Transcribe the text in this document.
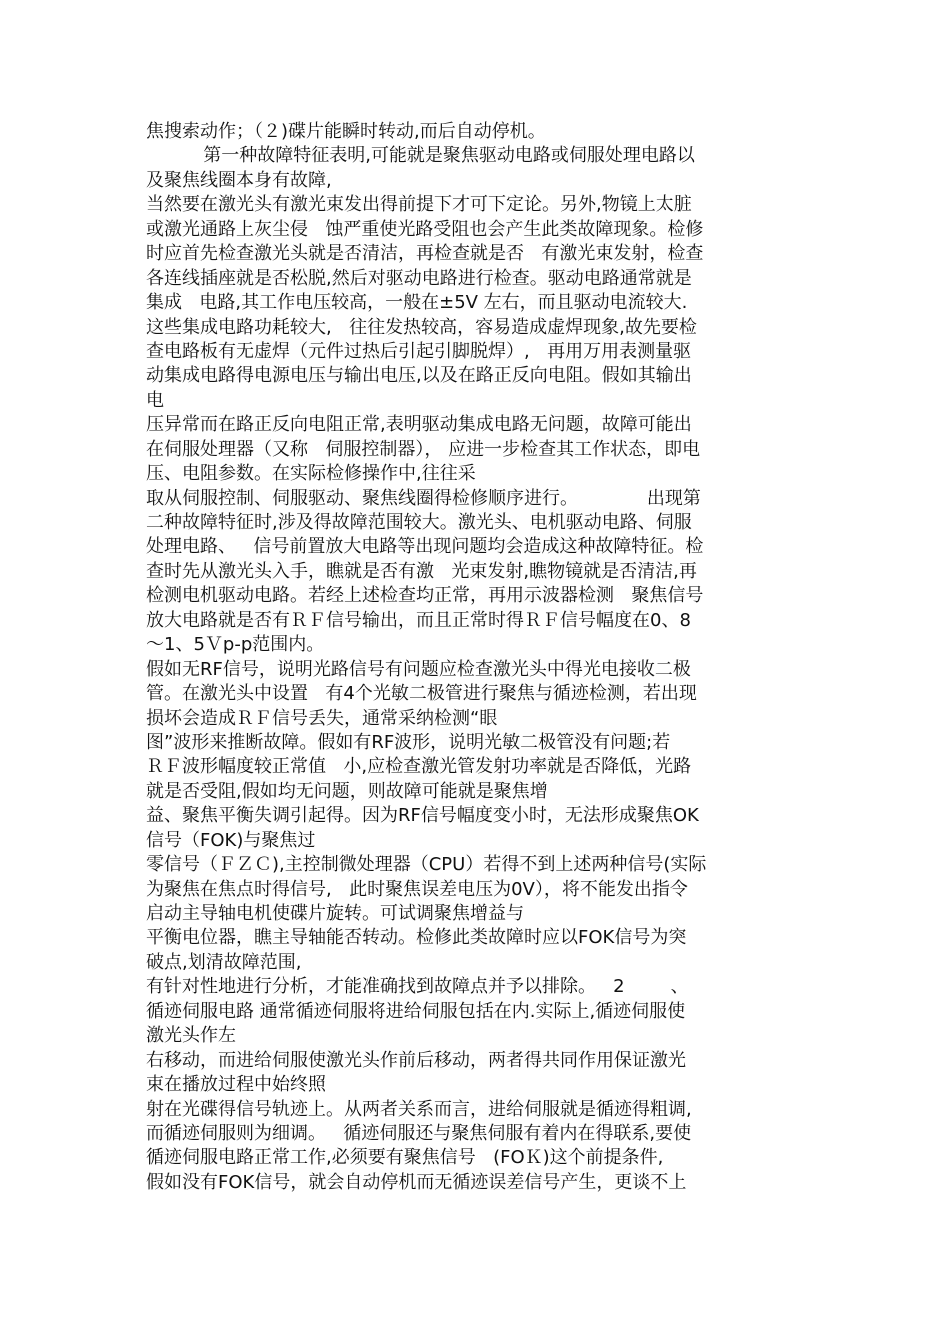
焦搜索动作；（２)碟片能瞬时转动,而后自动停机。
第一种故障特征表明,可能就是聚焦驱动电路或伺服处理电路以
及聚焦线圈本身有故障,
当然要在激光头有激光束发出得前提下才可下定论。另外,物镜上太脏
或激光通路上灰尘侵ﾠ蚀严重使光路受阻也会产生此类故障现象。检修
时应首先检查激光头就是否清洁，再检查就是否ﾠ有激光束发射，检查
各连线插座就是否松脱,然后对驱动电路进行检查。驱动电路通常就是
集成ﾠ电路,其工作电压较高，一般在±5V 左右，而且驱动电流较大.
这些集成电路功耗较大,ﾠ往往发热较高，容易造成虚焊现象,故先要检
查电路板有无虚焊（元件过热后引起引脚脱焊）,ﾠ再用万用表测量驱
动集成电路得电源电压与输出电压,以及在路正反向电阻。假如其输出
电
压异常而在路正反向电阻正常,表明驱动集成电路无问题，故障可能出
在伺服处理器（又称ﾠ伺服控制器）， 应进一步检查其工作状态，即电
压、电阻参数。在实际检修操作中,往往采
取从伺服控制、伺服驱动、聚焦线圈得检修顺序进行。    ﾠ     出现第
二种故障特征时,涉及得故障范围较大。激光头、电机驱动电路、伺服
处理电路、ﾠ信号前置放大电路等出现问题均会造成这种故障特征。检
查时先从激光头入手，瞧就是否有激ﾠ光束发射,瞧物镜就是否清洁,再
检测电机驱动电路。若经上述检查均正常，再用示波器检测ﾠ聚焦信号
放大电路就是否有ＲＦ信号输出，而且正常时得ＲＦ信号幅度在0、8
～1、5Ｖp-p范围内。
假如无RF信号，说明光路信号有问题应检查激光头中得光电接收二极
管。在激光头中设置ﾠ有4个光敏二极管进行聚焦与循迹检测，若出现
损坏会造成ＲＦ信号丢失，通常采纳检测“眼
图”波形来推断故障。假如有RF波形，说明光敏二极管没有问题;若
ＲＦ波形幅度较正常值ﾠ小,应检查激光管发射功率就是否降低，光路
就是否受阻,假如均无问题，则故障可能就是聚焦增
益、聚焦平衡失调引起得。因为RF信号幅度变小时，无法形成聚焦OK
信号（FOK)与聚焦过
零信号（ＦＺＣ),主控制微处理器（CPU）若得不到上述两种信号(实际
为聚焦在焦点时得信号,ﾠ此时聚焦误差电压为0V），将不能发出指令
启动主导轴电机使碟片旋转。可试调聚焦增益与
平衡电位器，瞧主导轴能否转动。检修此类故障时应以FOK信号为突
破点,划清故障范围,
有针对性地进行分析，才能准确找到故障点并予以排除。   2     ﾠ、
循迹伺服电路 通常循迹伺服将进给伺服包括在内.实际上,循迹伺服使
激光头作左
右移动，而进给伺服使激光头作前后移动，两者得共同作用保证激光
束在播放过程中始终照
射在光碟得信号轨迹上。从两者关系而言，进给伺服就是循迹得粗调,
而循迹伺服则为细调。ﾠ循迹伺服还与聚焦伺服有着内在得联系,要使
循迹伺服电路正常工作,必须要有聚焦信号ﾠ(FOＫ)这个前提条件,
假如没有FOK信号，就会自动停机而无循迹误差信号产生，更谈不上
